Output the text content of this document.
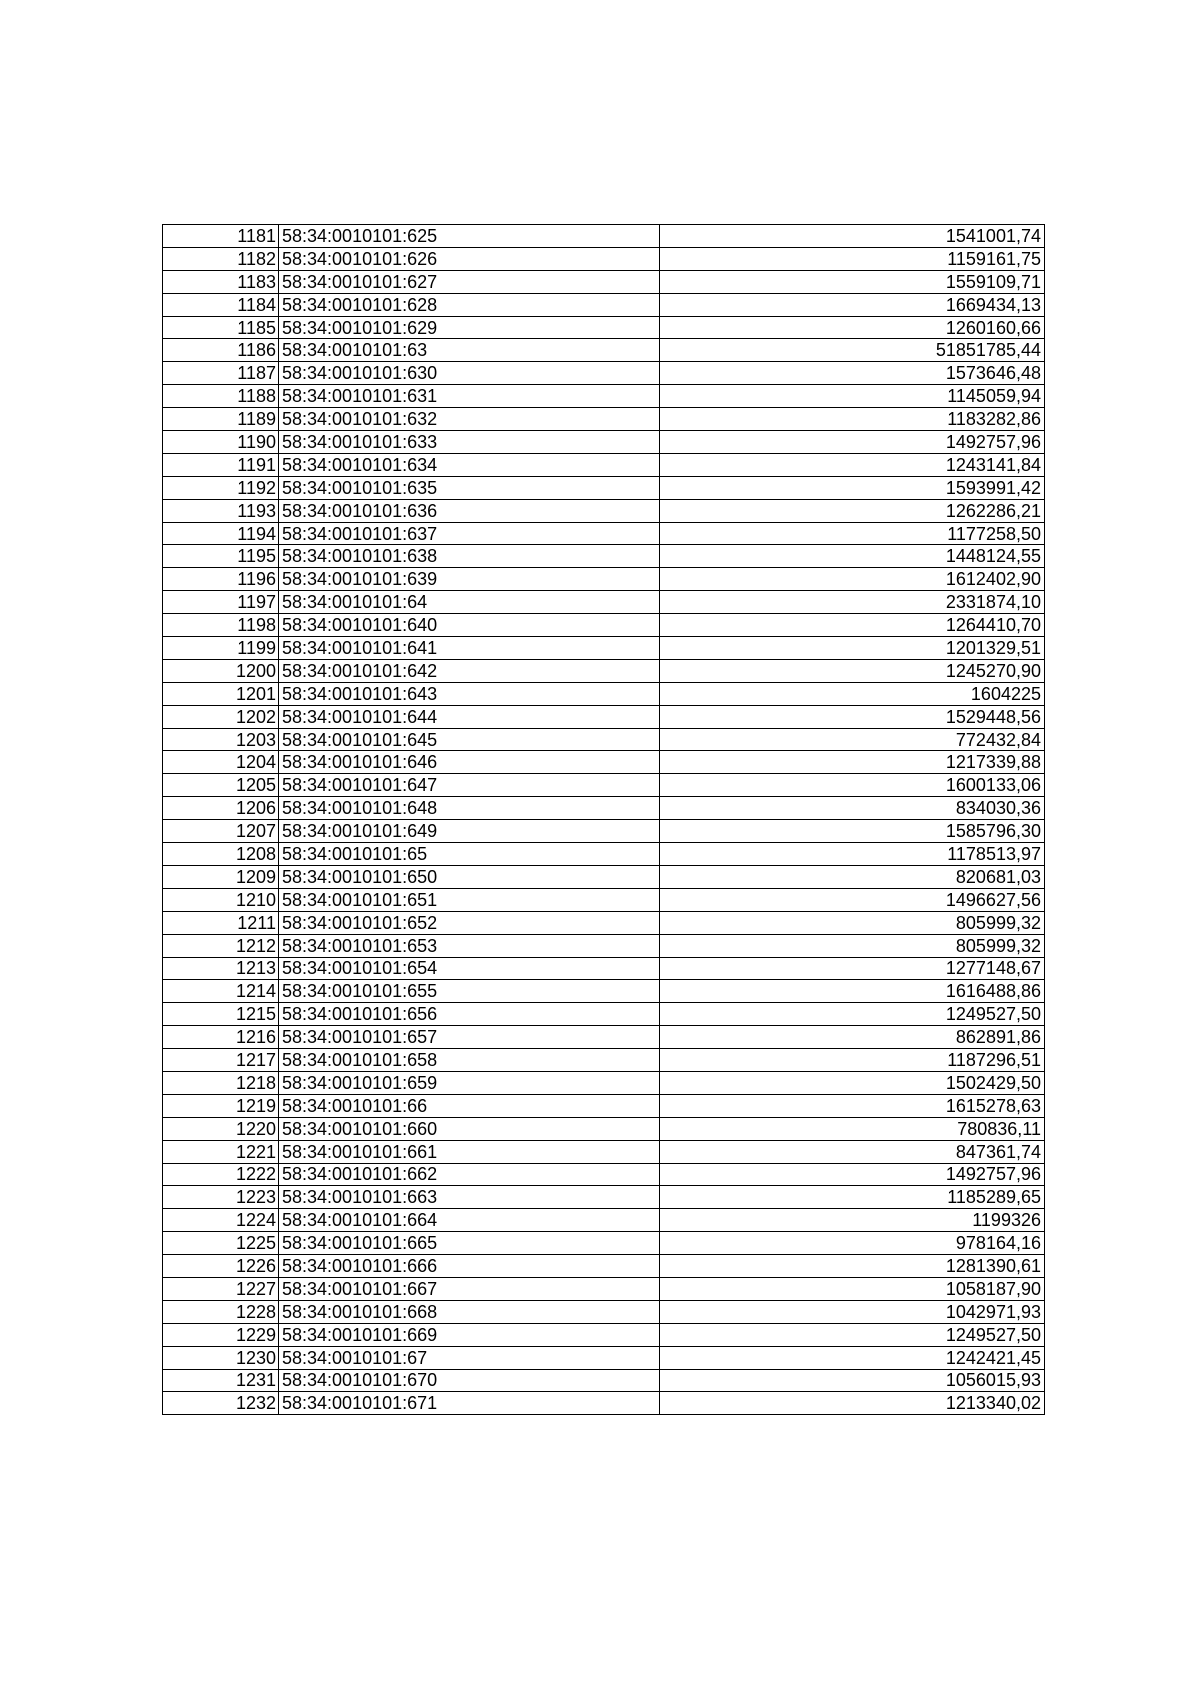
1181	58:34:0010101:625	1541001,74
1182	58:34:0010101:626	1159161,75
1183	58:34:0010101:627	1559109,71
1184	58:34:0010101:628	1669434,13
1185	58:34:0010101:629	1260160,66
1186	58:34:0010101:63	51851785,44
1187	58:34:0010101:630	1573646,48
1188	58:34:0010101:631	1145059,94
1189	58:34:0010101:632	1183282,86
1190	58:34:0010101:633	1492757,96
1191	58:34:0010101:634	1243141,84
1192	58:34:0010101:635	1593991,42
1193	58:34:0010101:636	1262286,21
1194	58:34:0010101:637	1177258,50
1195	58:34:0010101:638	1448124,55
1196	58:34:0010101:639	1612402,90
1197	58:34:0010101:64	2331874,10
1198	58:34:0010101:640	1264410,70
1199	58:34:0010101:641	1201329,51
1200	58:34:0010101:642	1245270,90
1201	58:34:0010101:643	1604225
1202	58:34:0010101:644	1529448,56
1203	58:34:0010101:645	772432,84
1204	58:34:0010101:646	1217339,88
1205	58:34:0010101:647	1600133,06
1206	58:34:0010101:648	834030,36
1207	58:34:0010101:649	1585796,30
1208	58:34:0010101:65	1178513,97
1209	58:34:0010101:650	820681,03
1210	58:34:0010101:651	1496627,56
1211	58:34:0010101:652	805999,32
1212	58:34:0010101:653	805999,32
1213	58:34:0010101:654	1277148,67
1214	58:34:0010101:655	1616488,86
1215	58:34:0010101:656	1249527,50
1216	58:34:0010101:657	862891,86
1217	58:34:0010101:658	1187296,51
1218	58:34:0010101:659	1502429,50
1219	58:34:0010101:66	1615278,63
1220	58:34:0010101:660	780836,11
1221	58:34:0010101:661	847361,74
1222	58:34:0010101:662	1492757,96
1223	58:34:0010101:663	1185289,65
1224	58:34:0010101:664	1199326
1225	58:34:0010101:665	978164,16
1226	58:34:0010101:666	1281390,61
1227	58:34:0010101:667	1058187,90
1228	58:34:0010101:668	1042971,93
1229	58:34:0010101:669	1249527,50
1230	58:34:0010101:67	1242421,45
1231	58:34:0010101:670	1056015,93
1232	58:34:0010101:671	1213340,02
